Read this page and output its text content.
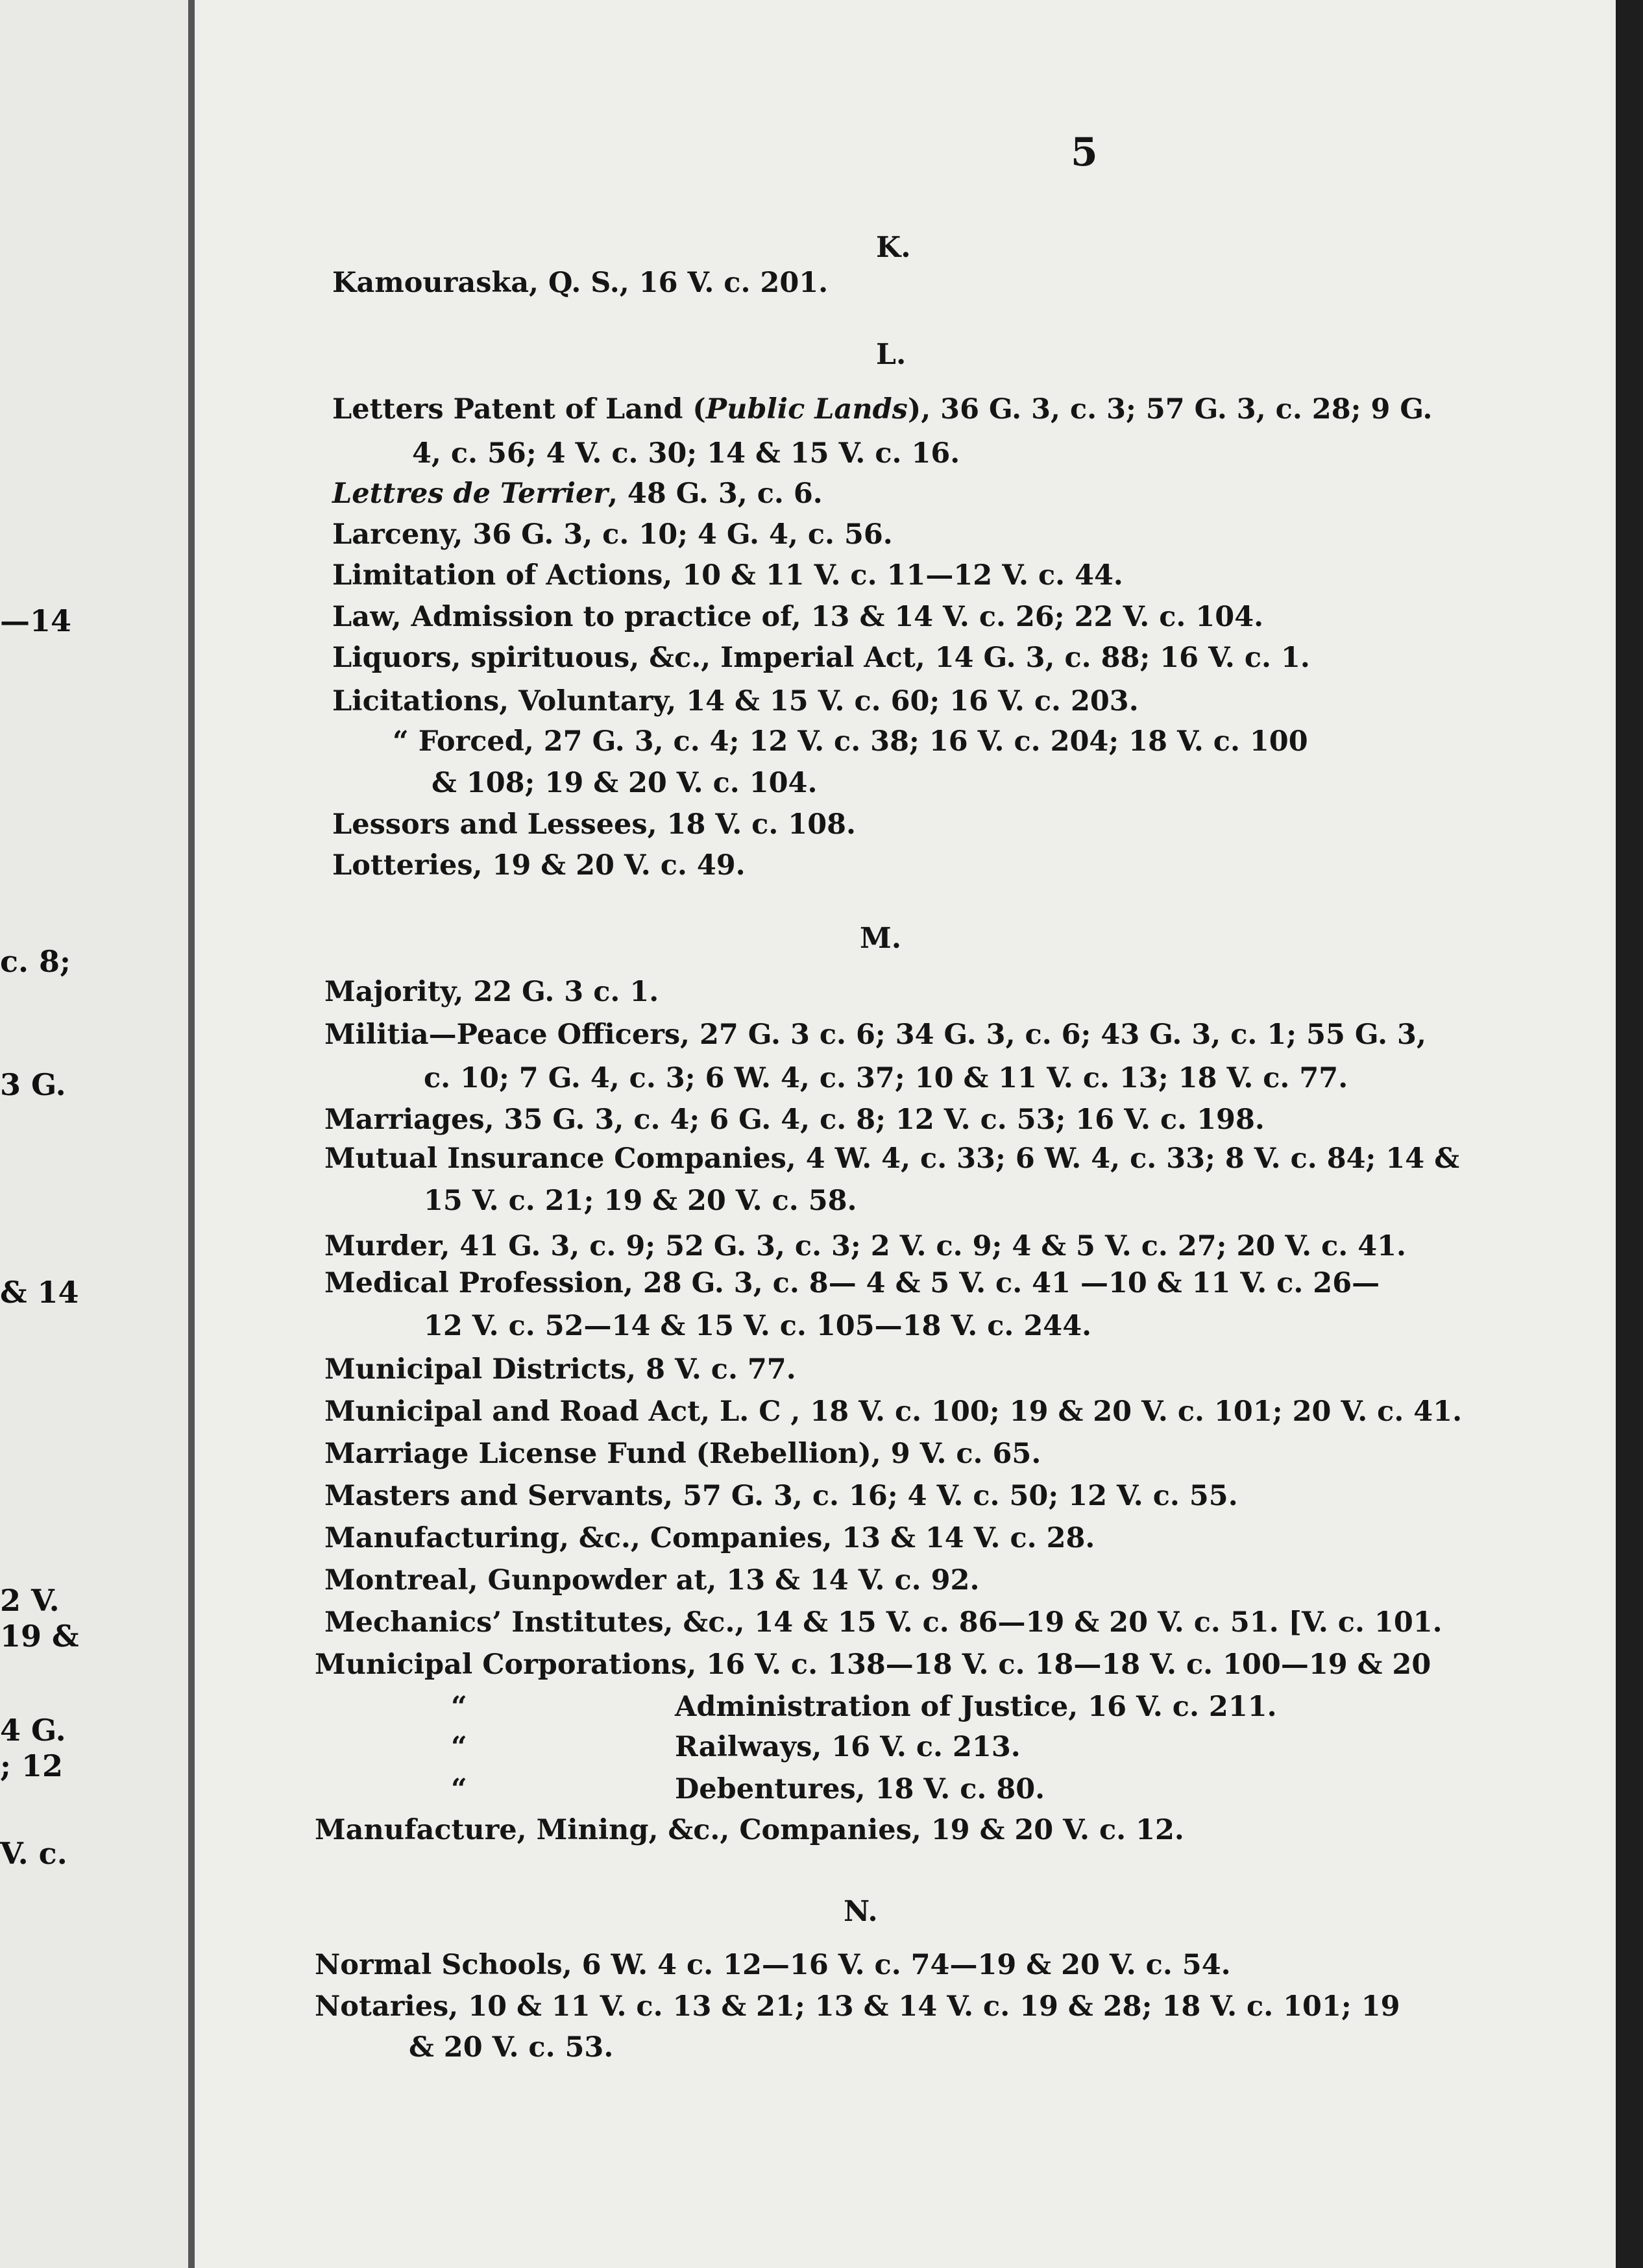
—14
c. 8;
3 G.
& 14
2 V.
19 &
4 G.
; 12
V. c.
5
K.
Kamouraska, Q. S., 16 V. c. 201.
L.
Letters Patent of Land (Public Lands), 36 G. 3, c. 3; 57 G. 3, c. 28; 9 G.
4, c. 56; 4 V. c. 30; 14 & 15 V. c. 16.
Lettres de Terrier, 48 G. 3, c. 6.
Larceny, 36 G. 3, c. 10; 4 G. 4, c. 56.
Limitation of Actions, 10 & 11 V. c. 11—12 V. c. 44.
Law, Admission to practice of, 13 & 14 V. c. 26; 22 V. c. 104.
Liquors, spirituous, &c., Imperial Act, 14 G. 3, c. 88; 16 V. c. 1.
Licitations, Voluntary, 14 & 15 V. c. 60; 16 V. c. 203.
“ Forced, 27 G. 3, c. 4; 12 V. c. 38; 16 V. c. 204; 18 V. c. 100
& 108; 19 & 20 V. c. 104.
Lessors and Lessees, 18 V. c. 108.
Lotteries, 19 & 20 V. c. 49.
M.
Majority, 22 G. 3 c. 1.
Militia—Peace Officers, 27 G. 3 c. 6; 34 G. 3, c. 6; 43 G. 3, c. 1; 55 G. 3,
c. 10; 7 G. 4, c. 3; 6 W. 4, c. 37; 10 & 11 V. c. 13; 18 V. c. 77.
Marriages, 35 G. 3, c. 4; 6 G. 4, c. 8; 12 V. c. 53; 16 V. c. 198.
Mutual Insurance Companies, 4 W. 4, c. 33; 6 W. 4, c. 33; 8 V. c. 84; 14 &
15 V. c. 21; 19 & 20 V. c. 58.
Murder, 41 G. 3, c. 9; 52 G. 3, c. 3; 2 V. c. 9; 4 & 5 V. c. 27; 20 V. c. 41.
Medical Profession, 28 G. 3, c. 8— 4 & 5 V. c. 41 —10 & 11 V. c. 26—
12 V. c. 52—14 & 15 V. c. 105—18 V. c. 244.
Municipal Districts, 8 V. c. 77.
Municipal and Road Act, L. C , 18 V. c. 100; 19 & 20 V. c. 101; 20 V. c. 41.
Marriage License Fund (Rebellion), 9 V. c. 65.
Masters and Servants, 57 G. 3, c. 16; 4 V. c. 50; 12 V. c. 55.
Manufacturing, &c., Companies, 13 & 14 V. c. 28.
Montreal, Gunpowder at, 13 & 14 V. c. 92.
Mechanics’ Institutes, &c., 14 & 15 V. c. 86—19 & 20 V. c. 51. [V. c. 101.
Municipal Corporations, 16 V. c. 138—18 V. c. 18—18 V. c. 100—19 & 20
“	Administration of Justice, 16 V. c. 211.
“	Railways, 16 V. c. 213.
“	Debentures, 18 V. c. 80.
Manufacture, Mining, &c., Companies, 19 & 20 V. c. 12.
N.
Normal Schools, 6 W. 4 c. 12—16 V. c. 74—19 & 20 V. c. 54.
Notaries, 10 & 11 V. c. 13 & 21; 13 & 14 V. c. 19 & 28; 18 V. c. 101; 19
& 20 V. c. 53.
